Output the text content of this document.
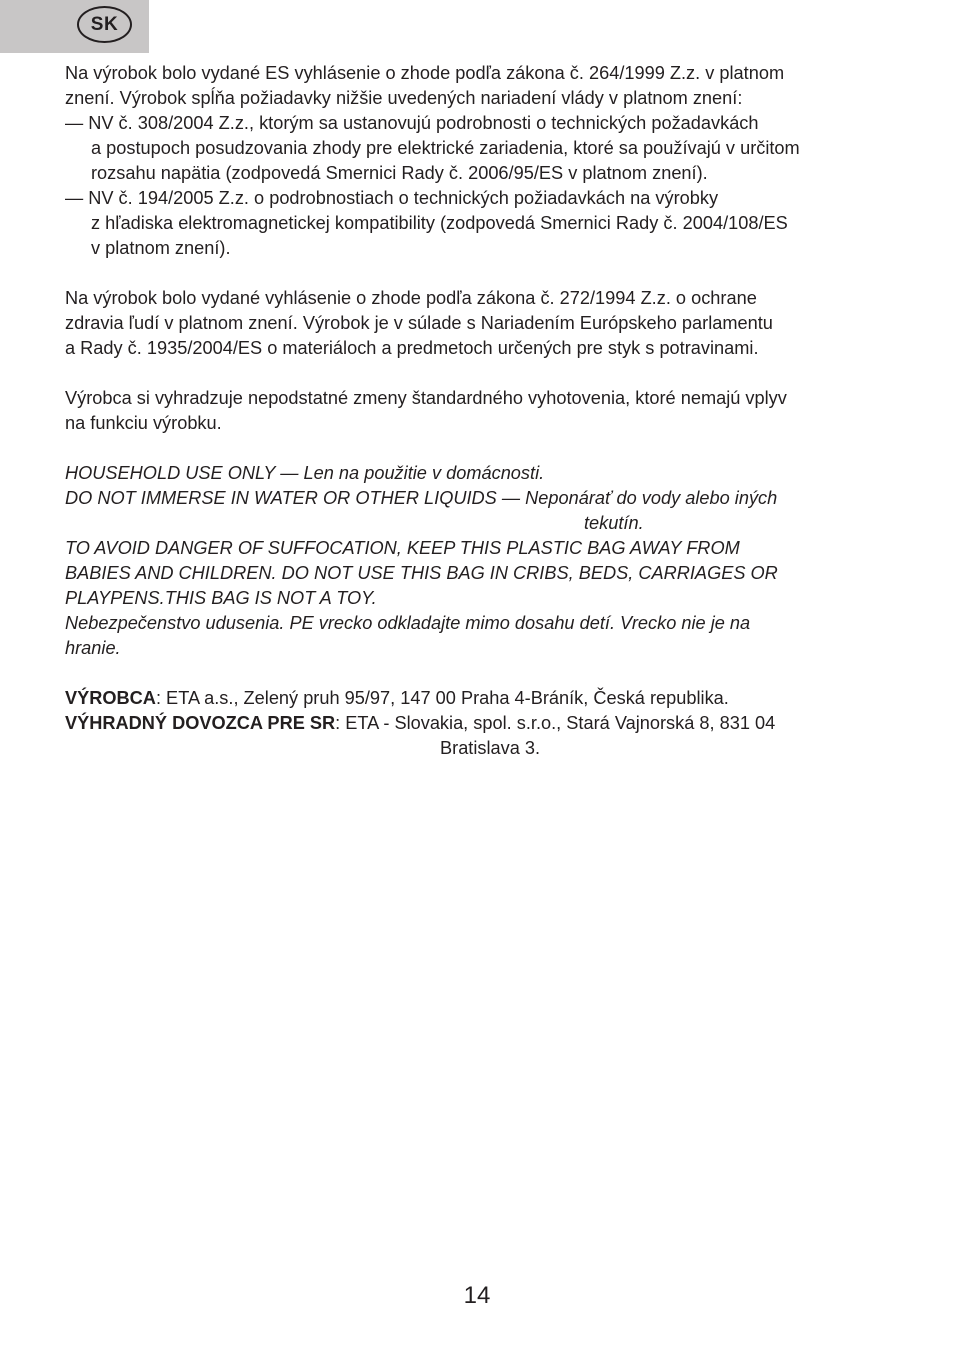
SK

Na výrobok bolo vydané ES vyhlásenie o zhode podľa zákona č. 264/1999 Z.z. v platnom

znení. Výrobok spĺňa požiadavky nižšie uvedených nariadení vlády v platnom znení:

— NV č. 308/2004 Z.z., ktorým sa ustanovujú podrobnosti o technických požadavkách

a postupoch posudzovania zhody pre elektrické zariadenia, ktoré sa používajú v určitom

rozsahu napätia (zodpovedá Smernici Rady č. 2006/95/ES v platnom znení).

— NV č. 194/2005 Z.z. o podrobnostiach o technických požiadavkách na výrobky

z hľadiska elektromagnetickej kompatibility (zodpovedá Smernici Rady č. 2004/108/ES

v platnom znení).

Na výrobok bolo vydané vyhlásenie o zhode podľa zákona č. 272/1994 Z.z. o ochrane

zdravia ľudí v platnom znení. Výrobok je v súlade s Nariadením Európskeho parlamentu

a Rady č. 1935/2004/ES o materiáloch a predmetoch určených pre styk s potravinami.

Výrobca si vyhradzuje nepodstatné zmeny štandardného vyhotovenia, ktoré nemajú vplyv

na funkciu výrobku.

HOUSEHOLD USE ONLY — Len na použitie v domácnosti.

DO NOT IMMERSE IN WATER OR OTHER LIQUIDS — Neponárať do vody alebo iných

tekutín.

TO AVOID DANGER OF SUFFOCATION, KEEP THIS PLASTIC BAG AWAY FROM

BABIES AND CHILDREN. DO NOT USE THIS BAG IN CRIBS, BEDS, CARRIAGES OR

PLAYPENS.THIS BAG IS NOT A TOY.

Nebezpečenstvo udusenia. PE vrecko odkladajte mimo dosahu detí. Vrecko nie je na

hranie.

VÝROBCA: ETA a.s., Zelený pruh 95/97, 147 00 Praha 4-Bráník, Česká republika.

VÝHRADNÝ DOVOZCA PRE SR: ETA - Slovakia, spol. s.r.o., Stará Vajnorská 8, 831 04

Bratislava 3.

14
